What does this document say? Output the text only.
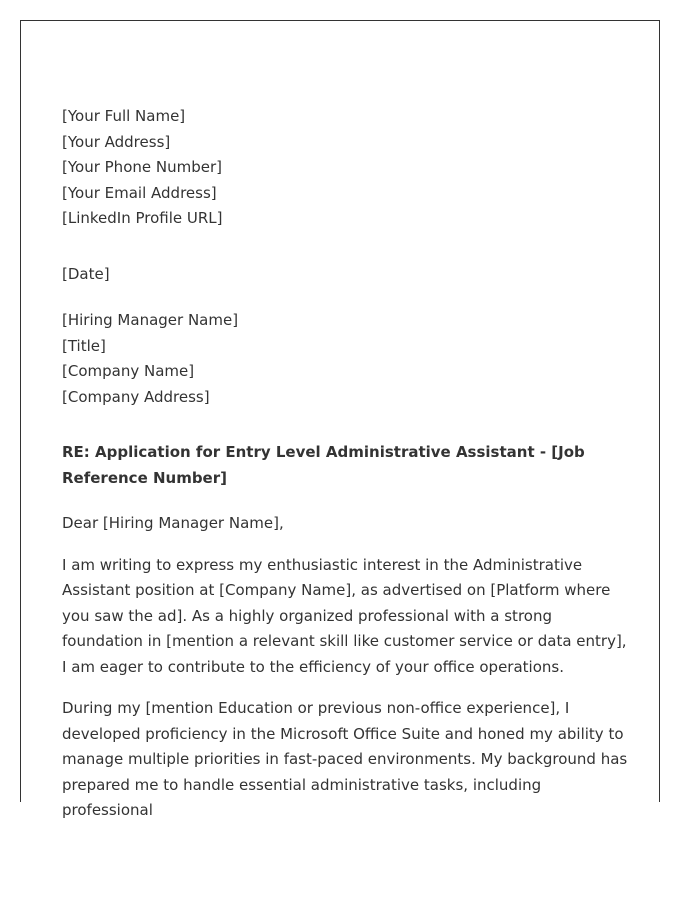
[Your Full Name]
[Your Address]
[Your Phone Number]
[Your Email Address]
[LinkedIn Profile URL]
[Date]
[Hiring Manager Name]
[Title]
[Company Name]
[Company Address]

RE: Application for Entry Level Administrative Assistant - [Job Reference Number]

Dear [Hiring Manager Name],

I am writing to express my enthusiastic interest in the Administrative Assistant position at [Company Name], as advertised on [Platform where you saw the ad]. As a highly organized professional with a strong foundation in [mention a relevant skill like customer service or data entry], I am eager to contribute to the efficiency of your office operations.

During my [mention Education or previous non-office experience], I developed proficiency in the Microsoft Office Suite and honed my ability to manage multiple priorities in fast-paced environments. My background has prepared me to handle essential administrative tasks, including professional
